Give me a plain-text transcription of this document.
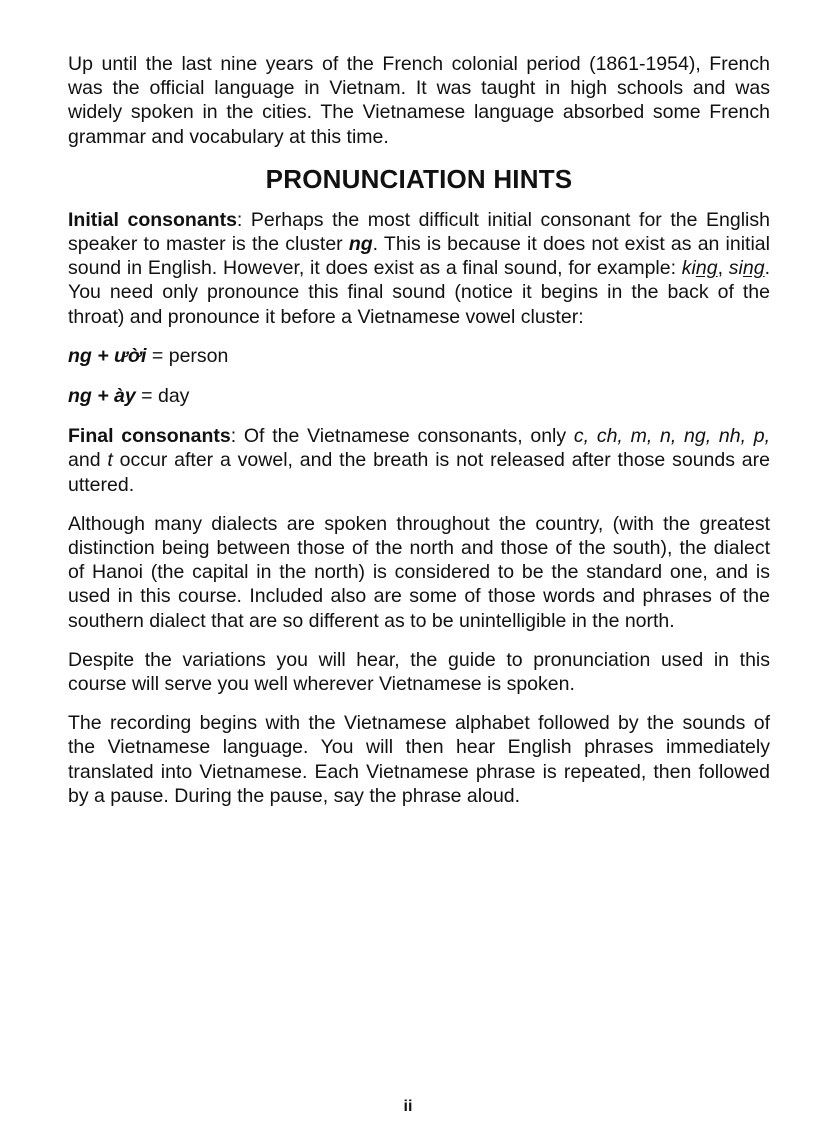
Up until the last nine years of the French colonial period (1861-1954), French was the official language in Vietnam. It was taught in high schools and was widely spoken in the cities. The Vietnamese language absorbed some French grammar and vocabulary at this time.

PRONUNCIATION HINTS

Initial consonants: Perhaps the most difficult initial consonant for the English speaker to master is the cluster ng. This is because it does not exist as an initial sound in English. However, it does exist as a final sound, for example: king, sing. You need only pronounce this final sound (notice it begins in the back of the throat) and pronounce it before a Vietnamese vowel cluster:

ng + ười = person

ng + ày = day

Final consonants: Of the Vietnamese consonants, only c, ch, m, n, ng, nh, p, and t occur after a vowel, and the breath is not released after those sounds are uttered.

Although many dialects are spoken throughout the country, (with the greatest distinction being between those of the north and those of the south), the dialect of Hanoi (the capital in the north) is considered to be the standard one, and is used in this course. Included also are some of those words and phrases of the southern dialect that are so different as to be unintelligible in the north.

Despite the variations you will hear, the guide to pronunciation used in this course will serve you well wherever Vietnamese is spoken.

The recording begins with the Vietnamese alphabet followed by the sounds of the Vietnamese language. You will then hear English phrases immediately translated into Vietnamese. Each Vietnamese phrase is repeated, then followed by a pause. During the pause, say the phrase aloud.

ii
